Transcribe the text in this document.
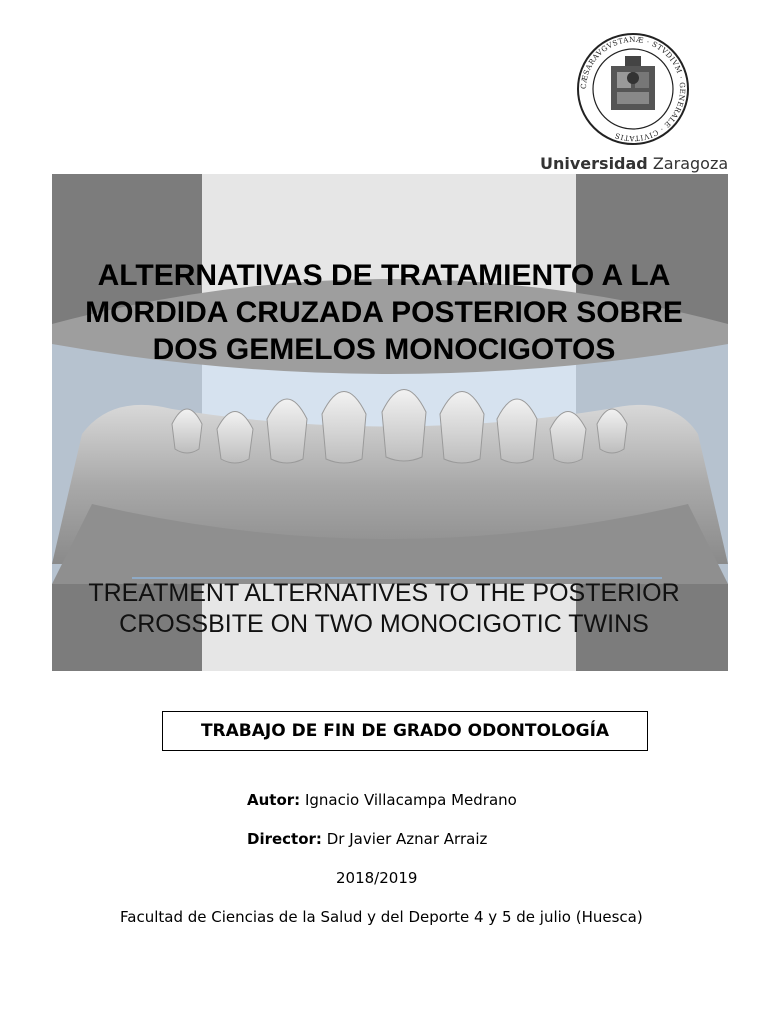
CÆSARAVGVSTANÆ · STVDIVM · GENERALE · CIVITATIS
Universidad Zaragoza
ALTERNATIVAS DE TRATAMIENTO A LA MORDIDA CRUZADA POSTERIOR SOBRE DOS GEMELOS MONOCIGOTOS
TREATMENT ALTERNATIVES TO THE POSTERIOR CROSSBITE ON TWO MONOCIGOTIC TWINS
TRABAJO DE FIN DE GRADO ODONTOLOGÍA
Autor: Ignacio Villacampa Medrano
Director: Dr Javier Aznar Arraiz
2018/2019
Facultad de Ciencias de la Salud y del Deporte 4 y 5 de julio (Huesca)
